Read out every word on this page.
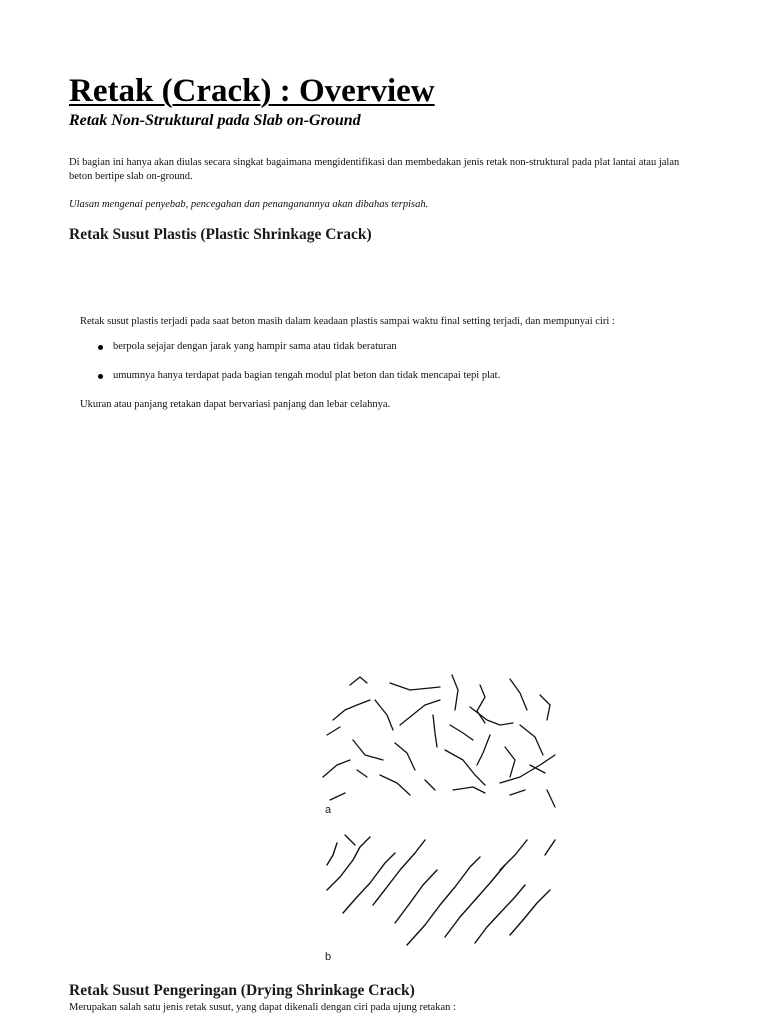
Retak (Crack) : Overview
Retak Non-Struktural pada Slab on-Ground

Di bagian ini hanya akan diulas secara singkat bagaimana mengidentifikasi dan membedakan jenis retak non-struktural pada plat lantai atau jalan beton bertipe slab on-ground.

Ulasan mengenai penyebab, pencegahan dan penanganannya akan dibahas terpisah.

Retak Susut Plastis (Plastic Shrinkage Crack)

Retak susut plastis terjadi pada saat beton masih dalam keadaan plastis sampai waktu final setting terjadi, dan mempunyai ciri :

berpola sejajar dengan jarak yang hampir sama atau tidak beraturan
umumnya hanya terdapat pada bagian tengah modul plat beton dan tidak mencapai tepi plat.

Ukuran atau panjang retakan dapat bervariasi panjang dan lebar celahnya.

a
b
Retak Susut Pengeringan (Drying Shrinkage Crack)

Merupakan salah satu jenis retak susut, yang dapat dikenali dengan ciri pada ujung retakan :
